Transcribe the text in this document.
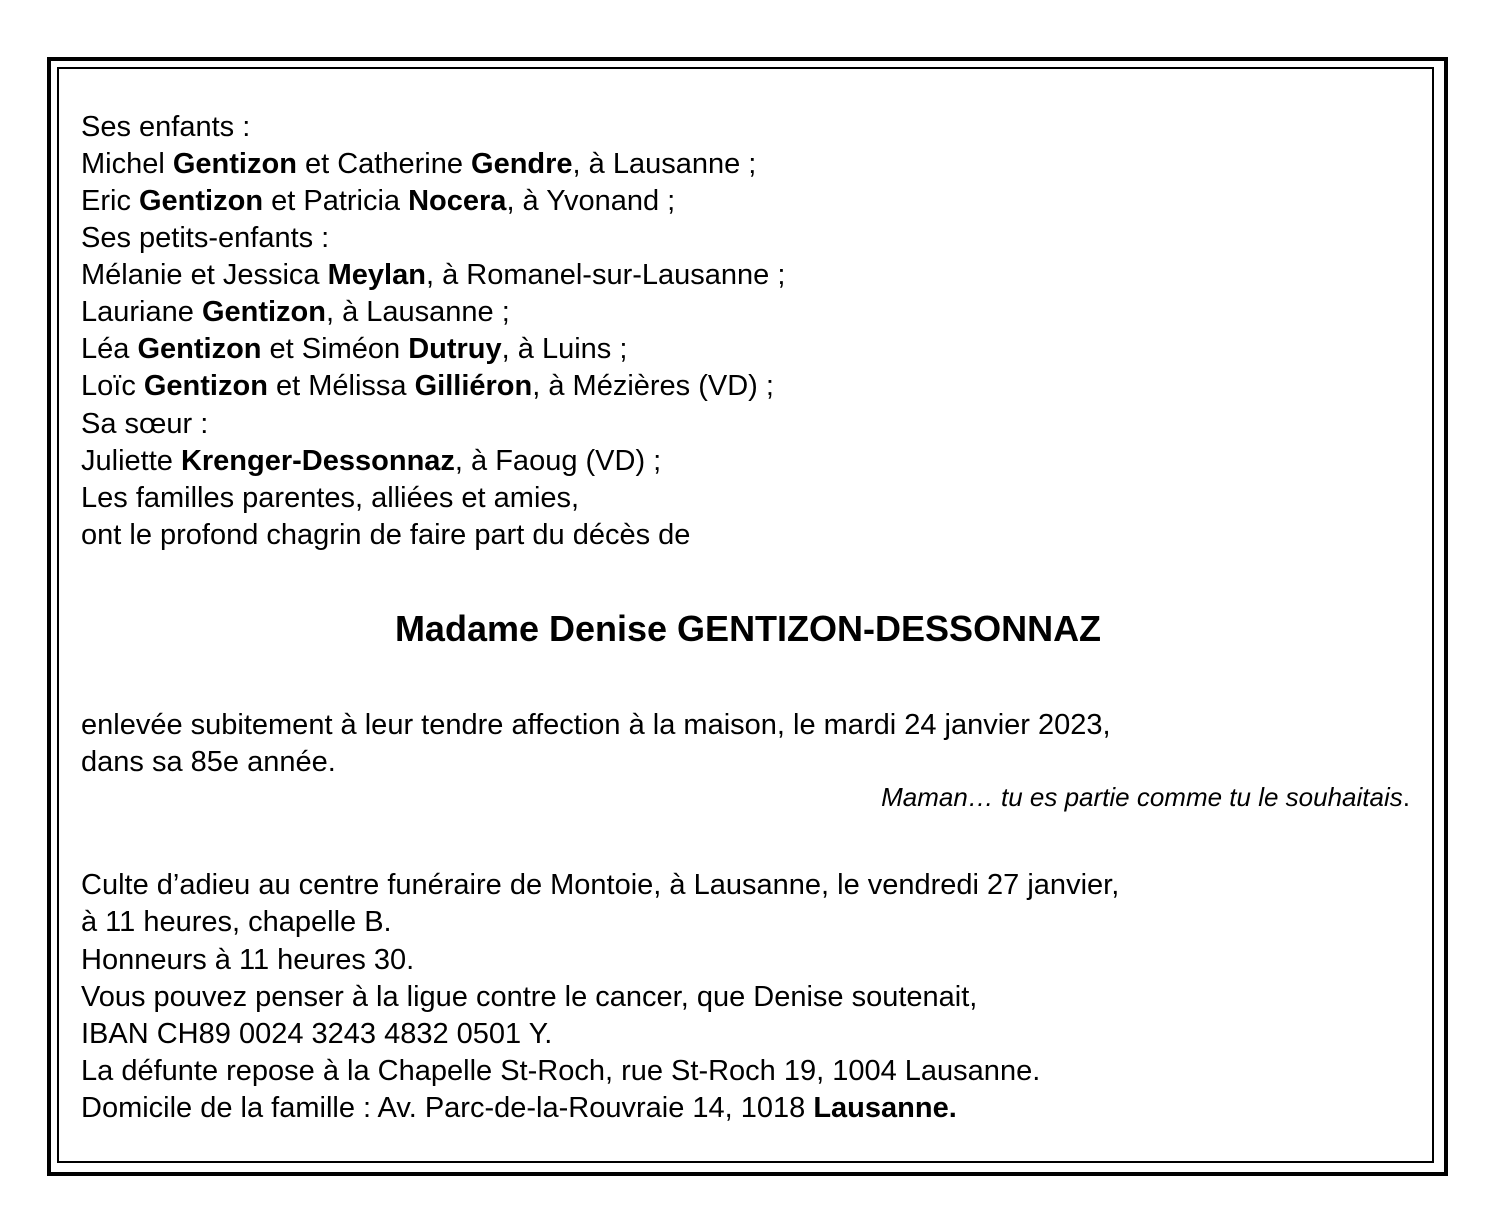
Ses enfants :
Michel Gentizon et Catherine Gendre, à Lausanne ;
Eric Gentizon et Patricia Nocera, à Yvonand ;
Ses petits-enfants :
Mélanie et Jessica Meylan, à Romanel-sur-Lausanne ;
Lauriane Gentizon, à Lausanne ;
Léa Gentizon et Siméon Dutruy, à Luins ;
Loïc Gentizon et Mélissa Gilliéron, à Mézières (VD) ;
Sa sœur :
Juliette Krenger-Dessonnaz, à Faoug (VD) ;
Les familles parentes, alliées et amies,
ont le profond chagrin de faire part du décès de
Madame Denise GENTIZON-DESSONNAZ
enlevée subitement à leur tendre affection à la maison, le mardi 24 janvier 2023,
dans sa 85e année.
Maman… tu es partie comme tu le souhaitais.
Culte d’adieu au centre funéraire de Montoie, à Lausanne, le vendredi 27 janvier,
à 11 heures, chapelle B.
Honneurs à 11 heures 30.
Vous pouvez penser à la ligue contre le cancer, que Denise soutenait,
IBAN CH89 0024 3243 4832 0501 Y.
La défunte repose à la Chapelle St-Roch, rue St-Roch 19, 1004 Lausanne.
Domicile de la famille : Av. Parc-de-la-Rouvraie 14, 1018 Lausanne.
